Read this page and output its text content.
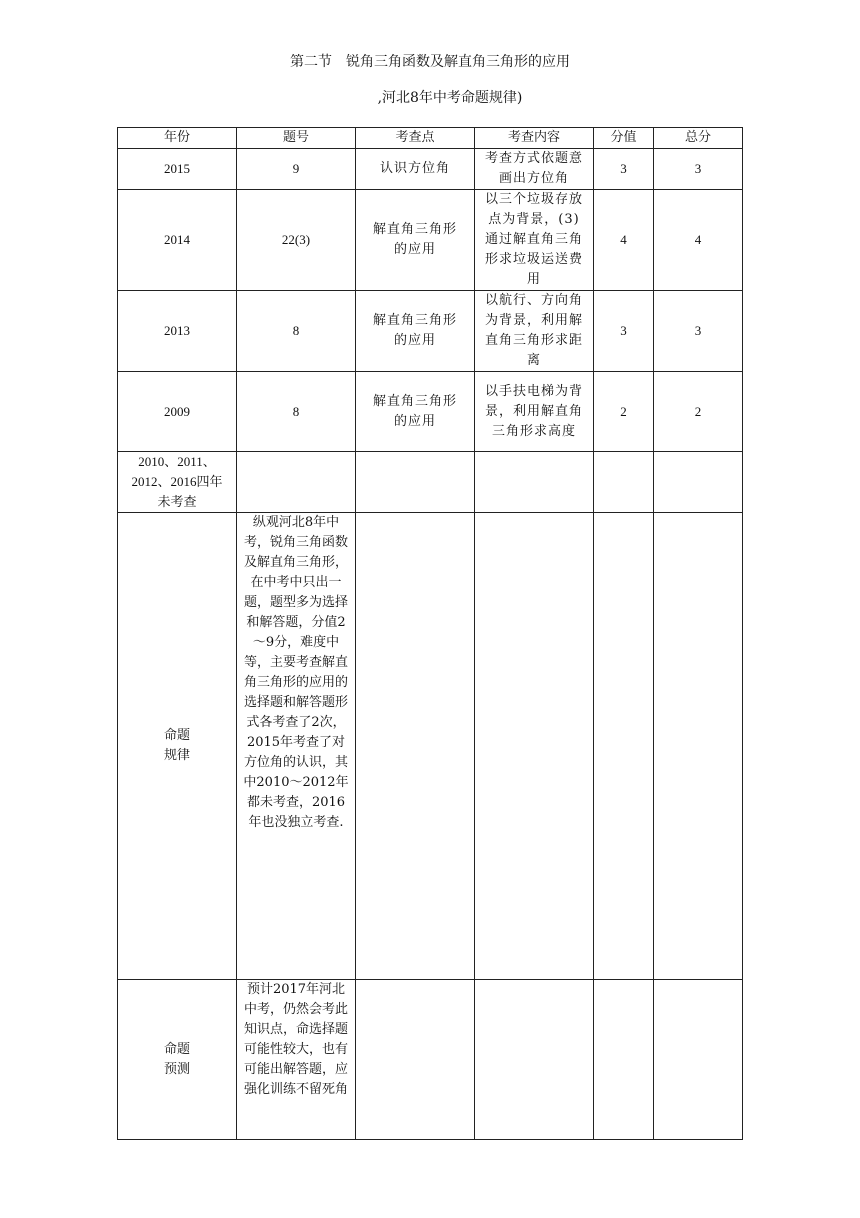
第二节　锐角三角函数及解直角三角形的应用
,河北8年中考命题规律)
年份	题号	考查点	考查内容	分值	总分
2015	9	认识方位角	考查方式依题意画出方位角	3	3
2014	22(3)	解直角三角形的应用	以三个垃圾存放点为背景，(3)通过解直角三角形求垃圾运送费用	4	4
2013	8	解直角三角形的应用	以航行、方向角为背景，利用解直角三角形求距离	3	3
2009	8	解直角三角形的应用	以手扶电梯为背景，利用解直角三角形求高度	2	2
2010、2011、2012、2016四年未考查					
命题规律	纵观河北8年中考，锐角三角函数及解直角三角形，在中考中只出一题，题型多为选择和解答题，分值2～9分，难度中等，主要考查解直角三角形的应用的选择题和解答题形式各考查了2次，2015年考查了对方位角的认识，其中2010～2012年都未考查，2016年也没独立考查.				
命题预测	预计2017年河北中考，仍然会考此知识点，命选择题可能性较大，也有可能出解答题，应强化训练不留死角				
